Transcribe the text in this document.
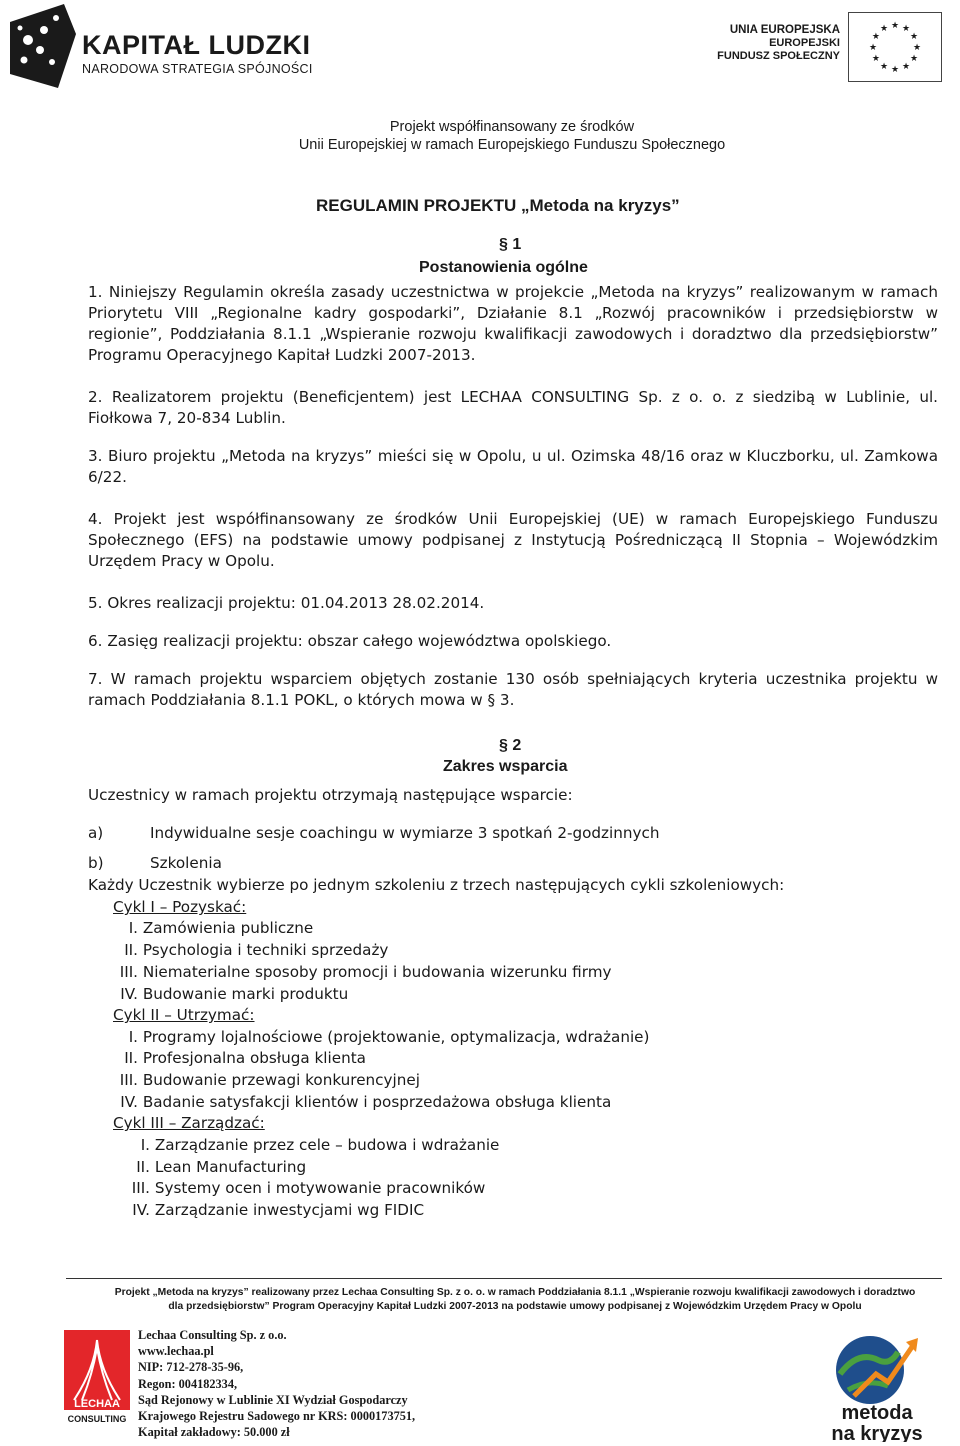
KAPITAŁ LUDZKI
NARODOWA STRATEGIA SPÓJNOŚCI
UNIA EUROPEJSKA
EUROPEJSKI
FUNDUSZ SPOŁECZNY
★
★
★
★
★
★
★
★
★ ★ ★
★
Projekt współfinansowany ze środków
Unii Europejskiej w ramach Europejskiego Funduszu Społecznego
REGULAMIN PROJEKTU „Metoda na kryzys”
§ 1
Postanowienia ogólne
1. Niniejszy Regulamin określa zasady uczestnictwa w projekcie „Metoda na kryzys” realizowanym w ramach Priorytetu VIII „Regionalne kadry gospodarki”, Działanie 8.1 „Rozwój pracowników i przedsiębiorstw w regionie”, Poddziałania 8.1.1 „Wspieranie rozwoju kwalifikacji zawodowych i doradztwo dla przedsiębiorstw” Programu Operacyjnego Kapitał Ludzki 2007-2013.
2. Realizatorem projektu (Beneficjentem) jest LECHAA CONSULTING Sp. z o. o. z siedzibą w Lublinie, ul. Fiołkowa 7, 20-834 Lublin.
3. Biuro projektu „Metoda na kryzys” mieści się w Opolu, u ul. Ozimska 48/16 oraz w Kluczborku, ul. Zamkowa 6/22.
4. Projekt jest współfinansowany ze środków Unii Europejskiej (UE) w ramach Europejskiego Funduszu Społecznego (EFS) na podstawie umowy podpisanej z Instytucją Pośredniczącą II Stopnia – Wojewódzkim Urzędem Pracy w Opolu.
5. Okres realizacji projektu: 01.04.2013 28.02.2014.
6. Zasięg realizacji projektu: obszar całego województwa opolskiego.
7. W ramach projektu wsparciem objętych zostanie 130 osób spełniających kryteria uczestnika projektu w ramach Poddziałania 8.1.1 POKL, o których mowa w § 3.
§ 2
Zakres wsparcia
Uczestnicy w ramach projektu otrzymają następujące wsparcie:
a)	Indywidualne sesje coachingu w wymiarze 3 spotkań 2-godzinnych
b)	Szkolenia
Każdy Uczestnik wybierze po jednym szkoleniu z trzech następujących cykli szkoleniowych:
Cykl I – Pozyskać:
I. Zamówienia publiczne
II. Psychologia i techniki sprzedaży
III. Niematerialne sposoby promocji i budowania wizerunku firmy
IV. Budowanie marki produktu
Cykl II – Utrzymać:
I. Programy lojalnościowe (projektowanie, optymalizacja, wdrażanie)
II. Profesjonalna obsługa klienta
III. Budowanie przewagi konkurencyjnej
IV. Badanie satysfakcji klientów i posprzedażowa obsługa klienta
Cykl III – Zarządzać:
I. Zarządzanie przez cele – budowa i wdrażanie
II. Lean Manufacturing
III. Systemy ocen i motywowanie pracowników
IV. Zarządzanie inwestycjami wg FIDIC
Projekt „Metoda na kryzys” realizowany przez Lechaa Consulting Sp. z o. o. w ramach Poddziałania 8.1.1 „Wspieranie rozwoju kwalifikacji zawodowych i doradztwo
dla przedsiębiorstw” Program Operacyjny Kapitał Ludzki 2007-2013 na podstawie umowy podpisanej z Wojewódzkim Urzędem Pracy w Opolu
LECHAA
CONSULTING
Lechaa Consulting Sp. z o.o.
www.lechaa.pl
NIP: 712-278-35-96,
Regon: 004182334,
Sąd Rejonowy w Lublinie XI Wydział Gospodarczy
Krajowego Rejestru Sadowego nr KRS: 0000173751,
Kapitał zakładowy: 50.000 zł
metoda
na kryzys
